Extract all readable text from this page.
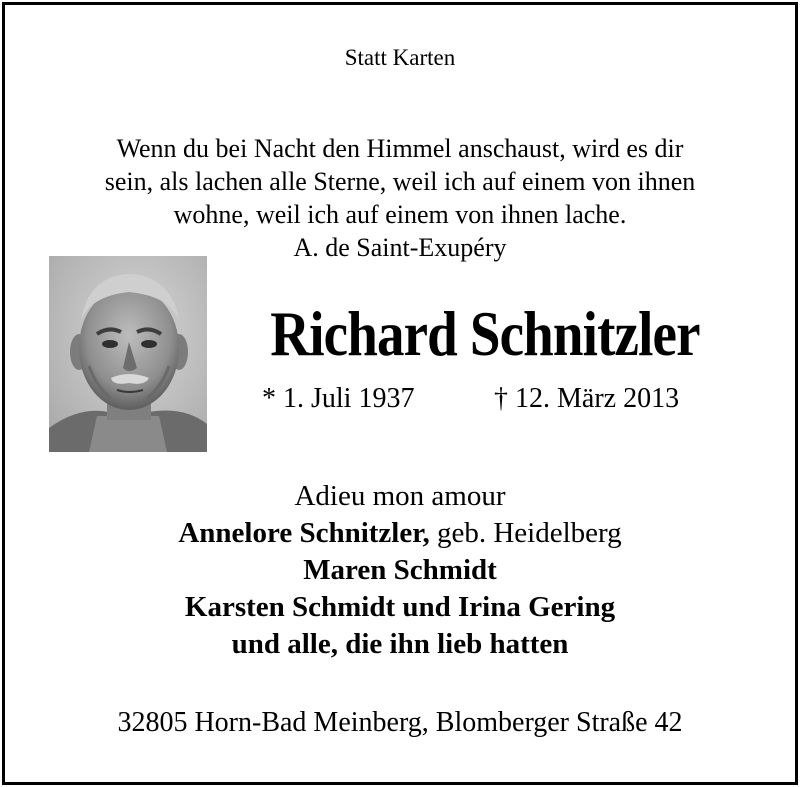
Statt Karten
Wenn du bei Nacht den Himmel anschaust, wird es dir
sein, als lachen alle Sterne, weil ich auf einem von ihnen
wohne, weil ich auf einem von ihnen lache.
A. de Saint-Exupéry
Richard Schnitzler
* 1. Juli 1937	† 12. März 2013
Adieu mon amour
Annelore Schnitzler, geb. Heidelberg
Maren Schmidt
Karsten Schmidt und Irina Gering
und alle, die ihn lieb hatten
32805 Horn-Bad Meinberg, Blomberger Straße 42
